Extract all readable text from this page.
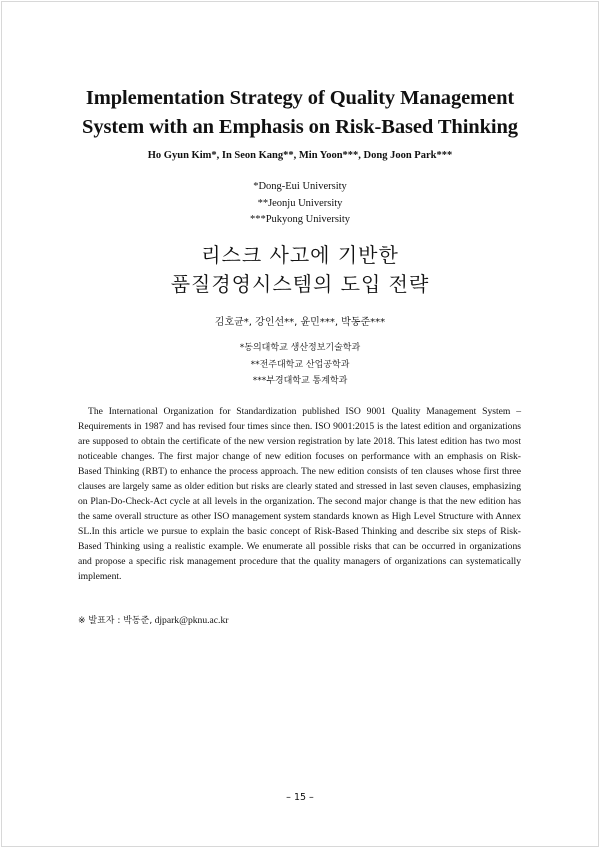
Implementation Strategy of Quality Management
System with an Emphasis on Risk-Based Thinking
Ho Gyun Kim*, In Seon Kang**, Min Yoon***, Dong Joon Park***
*Dong-Eui University
**Jeonju University
***Pukyong University
리스크 사고에 기반한
품질경영시스템의 도입 전략
김호균*, 강인선**, 윤민***, 박동준***
*동의대학교 생산정보기술학과
**전주대학교 산업공학과
***부경대학교 통계학과

The International Organization for Standardization published ISO 9001 Quality Management System – Requirements in 1987 and has revised four times since then. ISO 9001:2015 is the latest edition and organizations are supposed to obtain the certificate of the new version registration by late 2018. This latest edition has two most noticeable changes. The first major change of new edition focuses on performance with an emphasis on Risk-Based Thinking (RBT) to enhance the process approach. The new edition consists of ten clauses whose first three clauses are largely same as older edition but risks are clearly stated and stressed in last seven clauses, emphasizing on Plan-Do-Check-Act cycle at all levels in the organization. The second major change is that the new edition has the same overall structure as other ISO management system standards known as High Level Structure with Annex SL.In this article we pursue to explain the basic concept of Risk-Based Thinking and describe six steps of Risk-Based Thinking using a realistic example. We enumerate all possible risks that can be occurred in organizations and propose a specific risk management procedure that the quality managers of organizations can systematically implement.

※ 발표자 : 박동준, djpark@pknu.ac.kr
– 15 –
